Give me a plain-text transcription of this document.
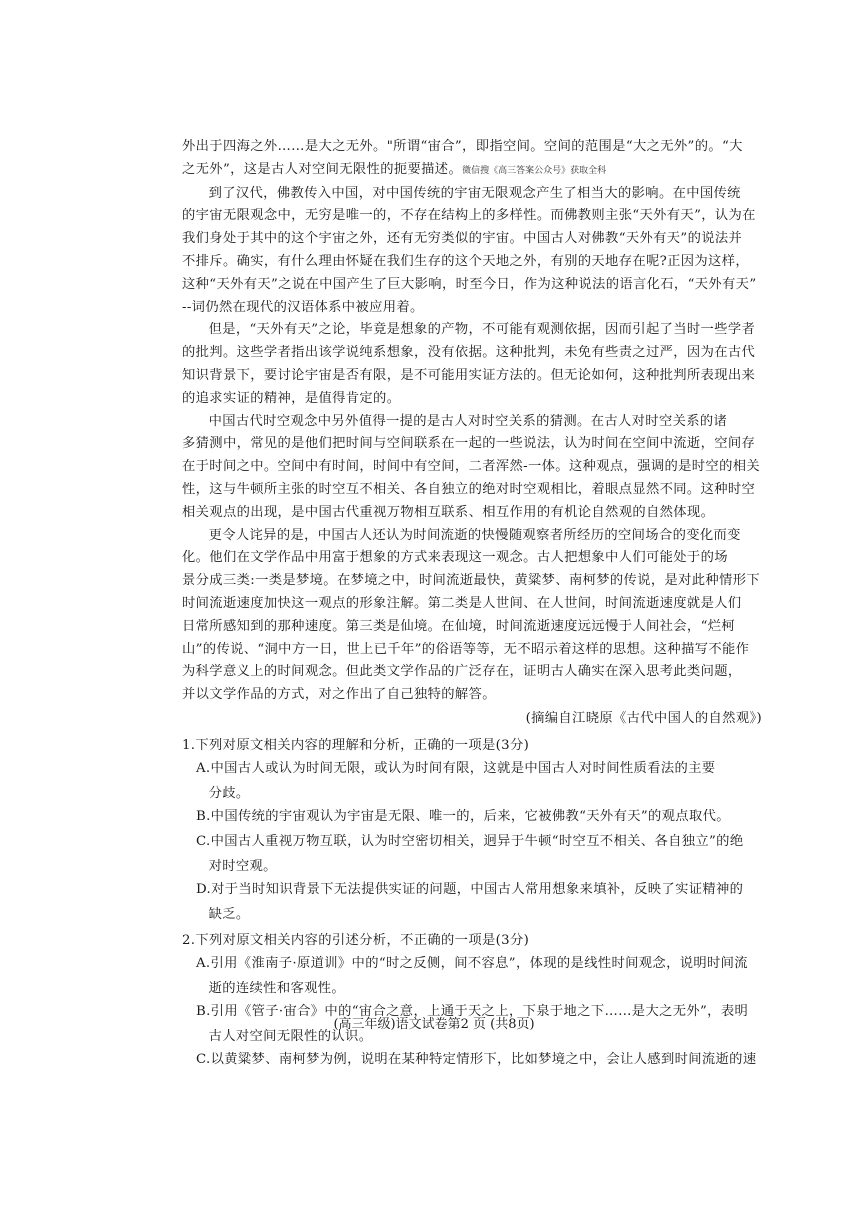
外出于四海之外……是大之无外。"所谓“宙合”，即指空间。空间的范围是“大之无外”的。“大
之无外”，这是古人对空间无限性的扼要描述。微信搜《高三答案公众号》获取全科
到了汉代，佛教传入中国，对中国传统的宇宙无限观念产生了相当大的影响。在中国传统
的宇宙无限观念中，无穷是唯一的，不存在结构上的多样性。而佛教则主张“天外有天”，认为在
我们身处于其中的这个宇宙之外，还有无穷类似的宇宙。中国古人对佛教“天外有天”的说法并
不排斥。确实，有什么理由怀疑在我们生存的这个天地之外，有别的天地存在呢?正因为这样，
这种“天外有天”之说在中国产生了巨大影响，时至今日，作为这种说法的语言化石，“天外有天”
--词仍然在现代的汉语体系中被应用着。
但是，“天外有天”之论，毕竟是想象的产物，不可能有观测依据，因而引起了当时一些学者
的批判。这些学者指出该学说纯系想象，没有依据。这种批判，未免有些责之过严，因为在古代
知识背景下，要讨论宇宙是否有限，是不可能用实证方法的。但无论如何，这种批判所表现出来
的追求实证的精神，是值得肯定的。
中国古代时空观念中另外值得一提的是古人对时空关系的猜测。在古人对时空关系的诸
多猜测中，常见的是他们把时间与空间联系在一起的一些说法，认为时间在空间中流逝，空间存
在于时间之中。空间中有时间，时间中有空间，二者浑然-一体。这种观点，强调的是时空的相关
性，这与牛顿所主张的时空互不相关、各自独立的绝对时空观相比，着眼点显然不同。这种时空
相关观点的出现，是中国古代重视万物相互联系、相互作用的有机论自然观的自然体现。
更令人诧异的是，中国古人还认为时间流逝的快慢随观察者所经历的空间场合的变化而变
化。他们在文学作品中用富于想象的方式来表现这一观念。古人把想象中人们可能处于的场
景分成三类:一类是梦境。在梦境之中，时间流逝最快，黄粱梦、南柯梦的传说，是对此种情形下
时间流逝速度加快这一观点的形象注解。第二类是人世间、在人世间，时间流逝速度就是人们
日常所感知到的那种速度。第三类是仙境。在仙境，时间流逝速度远远慢于人间社会，“烂柯
山”的传说、“洞中方一日，世上已千年”的俗语等等，无不昭示着这样的思想。这种描写不能作
为科学意义上的时间观念。但此类文学作品的广泛存在，证明古人确实在深入思考此类问题，
并以文学作品的方式，对之作出了自己独特的解答。
(摘编自江晓原《古代中国人的自然观》)
1.下列对原文相关内容的理解和分析，正确的一项是(3分)
A.中国古人或认为时间无限，或认为时间有限，这就是中国古人对时间性质看法的主要
分歧。
B.中国传统的宇宙观认为宇宙是无限、唯一的，后来，它被佛教“天外有天”的观点取代。
C.中国古人重视万物互联，认为时空密切相关，迥异于牛顿“时空互不相关、各自独立”的绝
对时空观。
D.对于当时知识背景下无法提供实证的问题，中国古人常用想象来填补，反映了实证精神的
缺乏。
2.下列对原文相关内容的引述分析，不正确的一项是(3分)
A.引用《淮南子·原道训》中的“时之反侧，间不容息”，体现的是线性时间观念，说明时间流
逝的连续性和客观性。
B.引用《管子·宙合》中的“宙合之意，上通于天之上，下泉于地之下……是大之无外”，表明
古人对空间无限性的认识。
C.以黄粱梦、南柯梦为例，说明在某种特定情形下，比如梦境之中，会让人感到时间流逝的速
(高三年级)语文试卷第2 页 (共8页)
